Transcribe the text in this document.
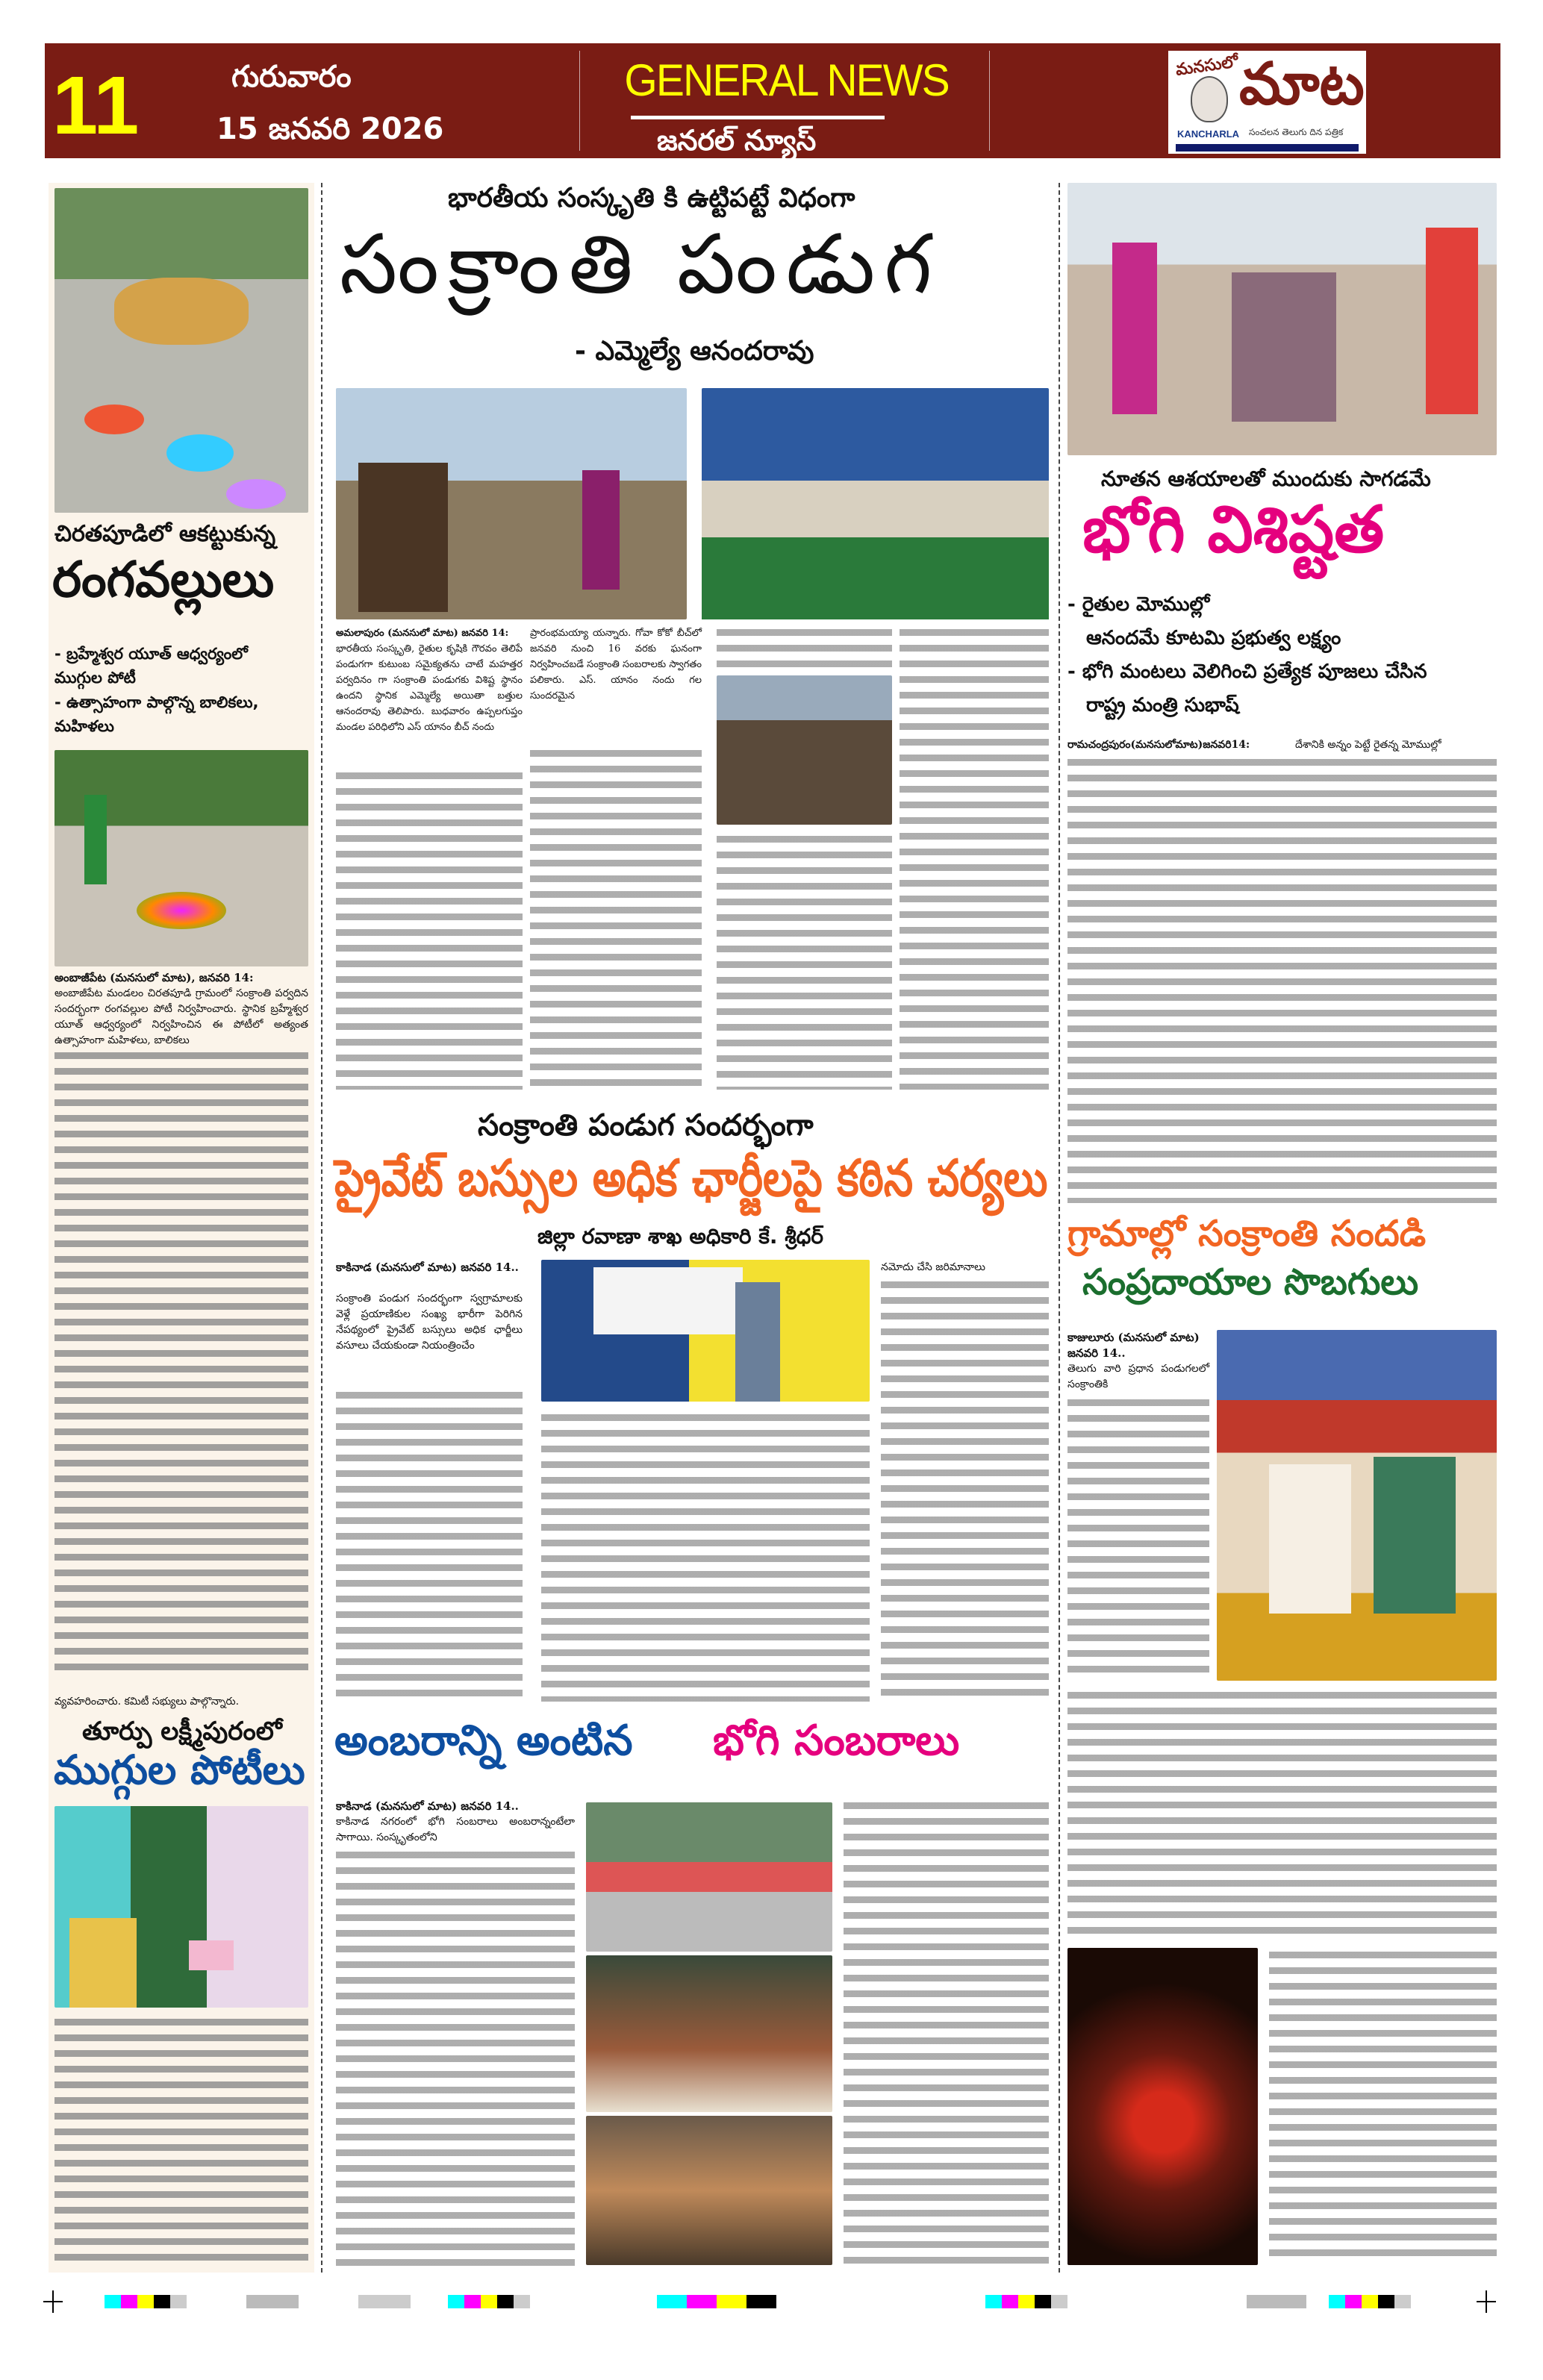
11	గురువారం
15 జనవరి 2026
GENERAL NEWS
జనరల్ న్యూస్
మనసులో మాట
KANCHARLA సంచలన తెలుగు దిన పత్రిక
చిరతపూడిలో ఆకట్టుకున్న
రంగవల్లులు
- బ్రహ్మేశ్వర యూత్ ఆధ్వర్యంలో ముగ్గుల పోటీ
- ఉత్సాహంగా పాల్గొన్న బాలికలు, మహిళలు
అంబాజీపేట (మనసులో మాట), జనవరి 14:
అంబాజీపేట మండలం చిరతపూడి గ్రామంలో సంక్రాంతి పర్వదిన సందర్భంగా రంగవల్లుల పోటీ నిర్వహించారు. స్థానిక బ్రహ్మేశ్వర యూత్ ఆధ్వర్యంలో నిర్వహించిన ఈ పోటీలో అత్యంత ఉత్సాహంగా మహిళలు, బాలికలు
వ్యవహరించారు. కమిటీ సభ్యులు పాల్గొన్నారు.
తూర్పు లక్ష్మీపురంలో
ముగ్గుల పోటీలు
భారతీయ సంస్కృతి కి ఉట్టిపట్టే విధంగా
సంక్రాంతి పండుగ
- ఎమ్మెల్యే ఆనందరావు
అమలాపురం (మనసులో మాట) జనవరి 14:
భారతీయ సంస్కృతి, రైతుల కృషికి గౌరవం తెలిపే పండుగగా కుటుంబ సమైక్యతను చాటే మహత్తర పర్వదినం గా సంక్రాంతి పండుగకు విశిష్ట స్థానం ఉందని స్థానిక ఎమ్మెల్యే అయితా బత్తుల ఆనందరావు తెలిపారు. బుధవారం ఉప్పలగుప్తం మండల పరిధిలోని ఎస్ యానం బీచ్ నందు
ప్రారంభమయ్యా యన్నారు. గోవా కోకో బీచ్‌లో జనవరి నుంచి 16 వరకు ఘనంగా నిర్వహించబడే సంక్రాంతి సంబరాలకు స్వాగతం పలికారు. ఎస్. యానం నందు గల సుందరమైన
సంక్రాంతి పండుగ సందర్భంగా
ప్రైవేట్ బస్సుల అధిక ఛార్జీలపై కఠిన చర్యలు
జిల్లా రవాణా శాఖ అధికారి కే. శ్రీధర్
కాకినాడ (మనసులో మాట) జనవరి 14..
సంక్రాంతి పండుగ సందర్భంగా స్వగ్రామాలకు వెళ్లే ప్రయాణికుల సంఖ్య భారీగా పెరిగిన నేపథ్యంలో ప్రైవేట్ బస్సులు అధిక ఛార్జీలు వసూలు చేయకుండా నియంత్రించేం
నమోదు చేసి జరిమానాలు
అంబరాన్ని అంటిన భోగి సంబరాలు
కాకినాడ (మనసులో మాట) జనవరి 14..
కాకినాడ నగరంలో భోగి సంబరాలు అంబరాన్నంటేలా సాగాయి. సంస్కృతంలోని
నూతన ఆశయాలతో ముందుకు సాగడమే
భోగి విశిష్టత
- రైతుల మోముల్లో
ఆనందమే కూటమి ప్రభుత్వ లక్ష్యం
- భోగి మంటలు వెలిగించి ప్రత్యేక పూజలు చేసిన
రాష్ట్ర మంత్రి సుభాష్
రామచంద్రపురం(మనసులోమాట)జనవరి14:	దేశానికి అన్నం పెట్టే రైతన్న మోముల్లో
గ్రామాల్లో సంక్రాంతి సందడి
సంప్రదాయాల సొబగులు
కాజులూరు (మనసులో మాట) జనవరి 14..
తెలుగు వారి ప్రధాన పండుగలలో సంక్రాంతికి
